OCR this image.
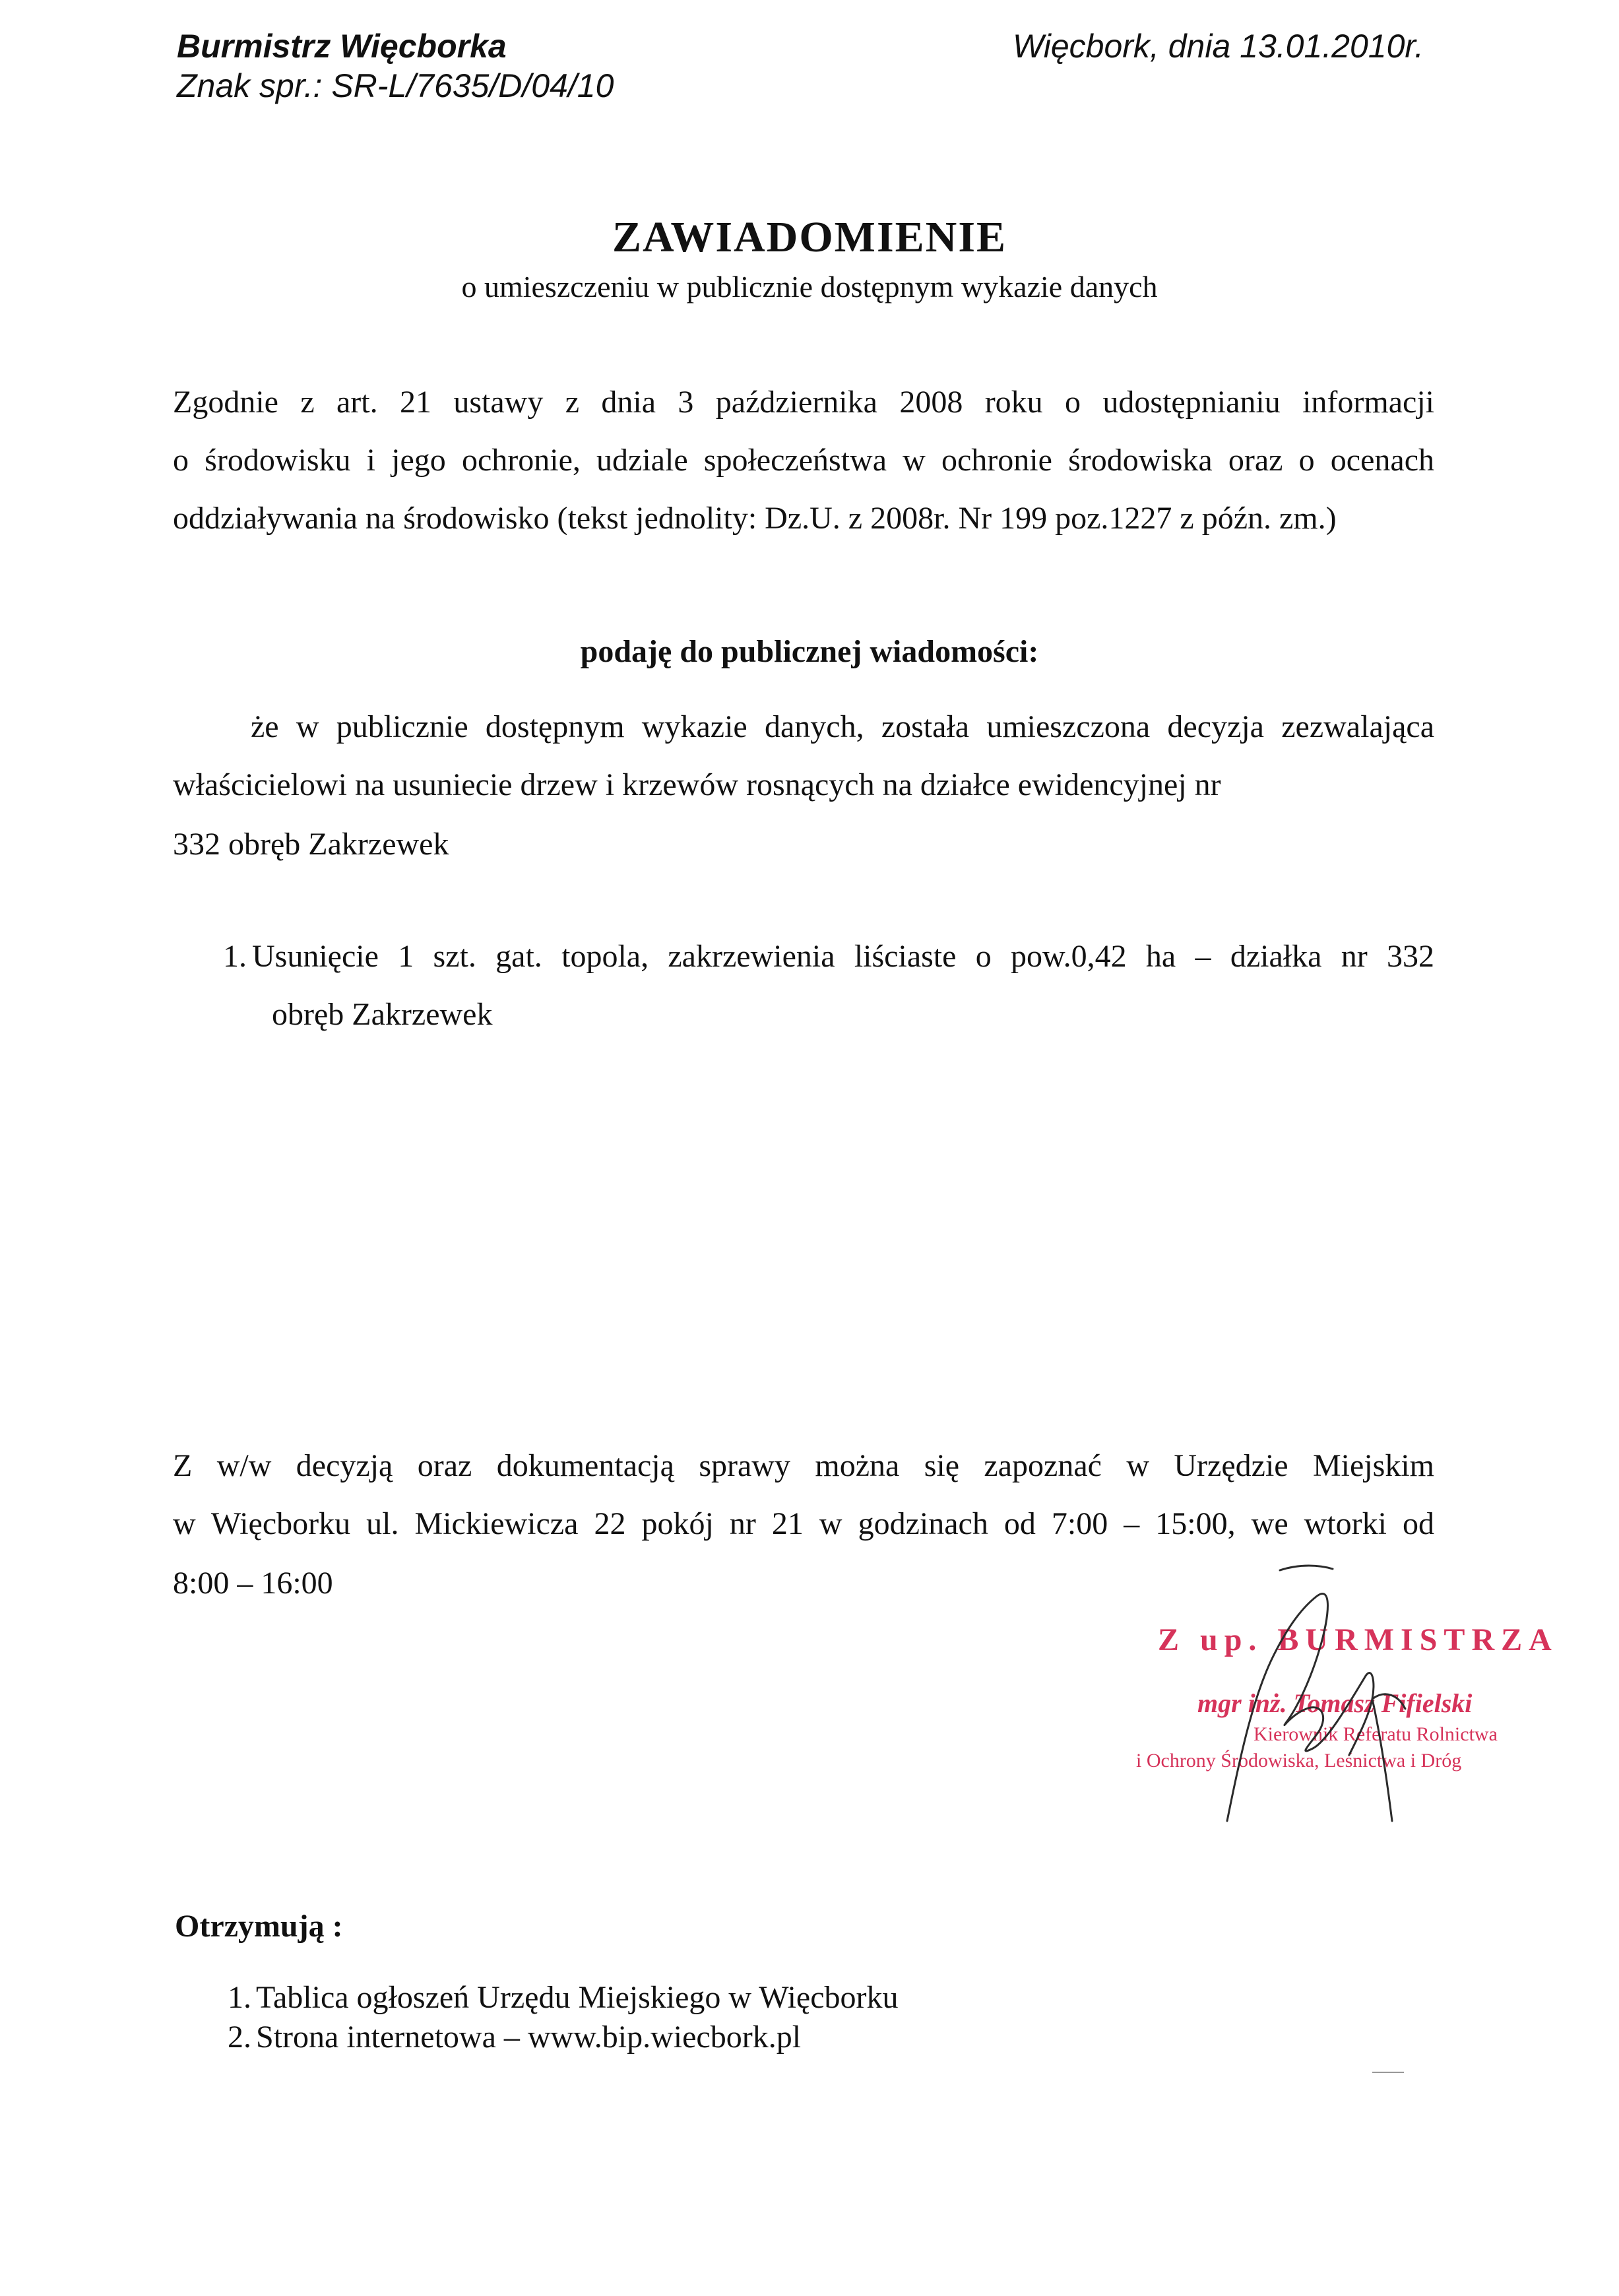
Burmistrz Więcborka
Znak spr.: SR-L/7635/D/04/10
Więcbork, dnia 13.01.2010r.
ZAWIADOMIENIE
o umieszczeniu w publicznie dostępnym wykazie danych
Zgodnie z art. 21 ustawy z dnia 3 października 2008 roku o udostępnianiu informacji
o środowisku i jego ochronie, udziale społeczeństwa w ochronie środowiska oraz o ocenach
oddziaływania na środowisko (tekst jednolity: Dz.U. z 2008r. Nr 199 poz.1227 z późn. zm.)
podaję do publicznej wiadomości:
że w publicznie dostępnym wykazie danych, została umieszczona decyzja zezwalająca
właścicielowi na usuniecie drzew i krzewów rosnących na działce ewidencyjnej nr
332 obręb Zakrzewek
1. Usunięcie 1 szt. gat. topola, zakrzewienia liściaste o pow.0,42 ha – działka nr 332
obręb Zakrzewek
Z w/w decyzją oraz dokumentacją sprawy można się zapoznać w Urzędzie Miejskim
w Więcborku ul. Mickiewicza 22 pokój nr 21 w godzinach od 7:00 – 15:00, we wtorki od
8:00 – 16:00
Z up. BURMISTRZA
mgr inż. Tomasz Fifielski
Kierownik Referatu Rolnictwa
i Ochrony Środowiska, Leśnictwa i Dróg
Otrzymują :
1. Tablica ogłoszeń Urzędu Miejskiego w Więcborku
2. Strona internetowa – www.bip.wiecbork.pl
